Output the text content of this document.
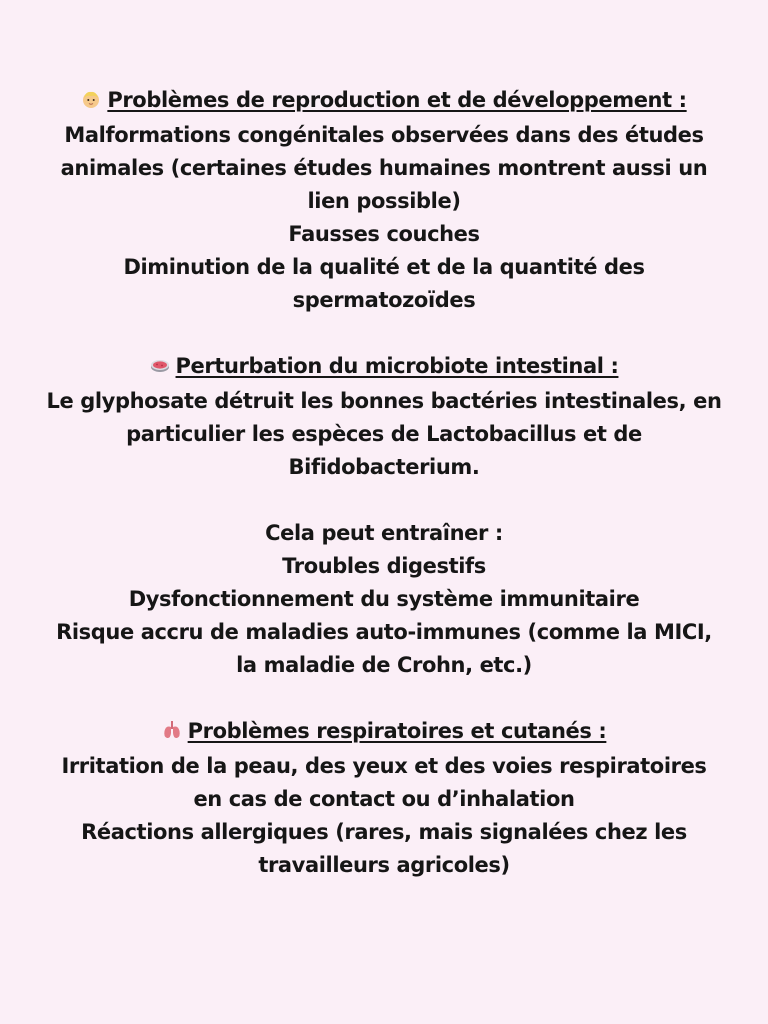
Problèmes de reproduction et de développement :
Malformations congénitales observées dans des études
animales (certaines études humaines montrent aussi un
lien possible)
Fausses couches
Diminution de la qualité et de la quantité des
spermatozoïdes
Perturbation du microbiote intestinal :
Le glyphosate détruit les bonnes bactéries intestinales, en
particulier les espèces de Lactobacillus et de
Bifidobacterium.
Cela peut entraîner :
Troubles digestifs
Dysfonctionnement du système immunitaire
Risque accru de maladies auto-immunes (comme la MICI,
la maladie de Crohn, etc.)
Problèmes respiratoires et cutanés :
Irritation de la peau, des yeux et des voies respiratoires
en cas de contact ou d’inhalation
Réactions allergiques (rares, mais signalées chez les
travailleurs agricoles)
